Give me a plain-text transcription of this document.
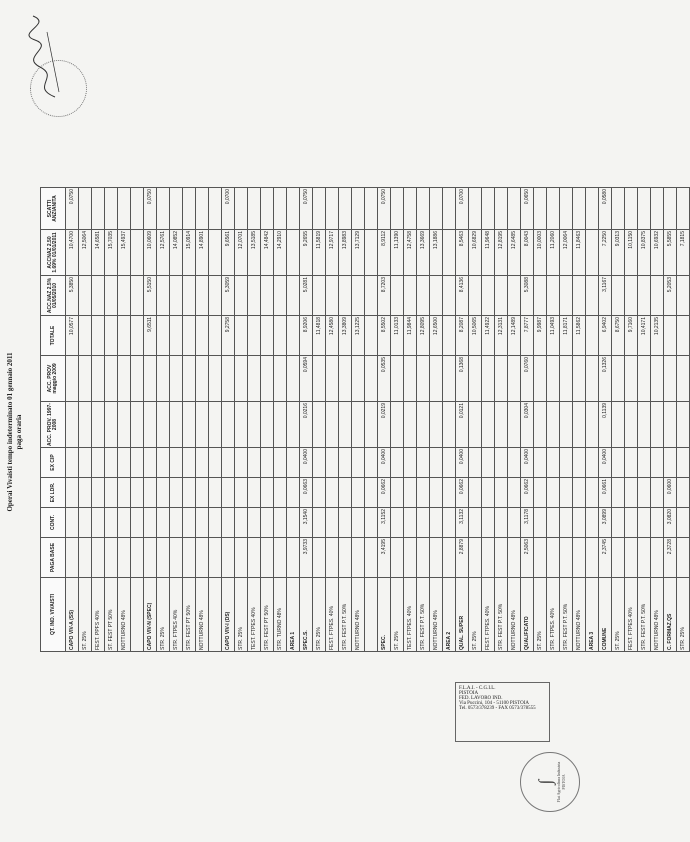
Operai Vivaisti tempo indeterminato 01 gennaio 2011 paga oraria
QT. IND. VIVAISTI	PAGA BASE	CONT.	EX LDR.	EX CIP	ACC. PROV. 1997-2008	ACC. PROV maggio 2009	TOTALE	ACC.NAZ 2.5% 01/05/2010	ACCNAZ 2.50 1.69% 01/01/2011	SCATTI ANZIANITA
CAPO VIV-A (SS)							10,0577	5,3850	10,4700	0,0750
ST. 25%									12,5064	
FEST. PPFS 40%									14,6581	
ST. FEST PT 50%									15,7035	
NOTTURNO 48%									15,4937	

CAPO VIV-N (SPEC)							9,6511	5,5150	10,0609	0,0750
STR. 25%									12,5761	
STR. FTPES 40%									14,0852	
STR. FEST PT 50%									15,0914	
NOTTURNO 48%									14,8901	

CAPO VIV-I (DS)							9,2758	5,3059	9,6561	0,0700
STR. 25%									12,0701	
TEST. FTPES 40%									13,5185	
STR. FEST PT 50%									14,4842	
STR. TURNO 48%									14,2910	
AREA 1										
SPEC.S.	3,9733	3,1540	0,0663	0,0400	0,0216	0,0594	8,9206	5,0281	9,2655	0,0750
STR. 25%							11,4818		11,5819	
FEST. FTPES. 40%							12,4580		12,9717	
STR. FEST P.T. 50%							13,3809		13,8983	
NOTTURNO 48%							13,1225		13,7129	

SPEC.	3,4195	3,1152	0,0662	0,0400	0,0219	0,0535	8,5502	8,7203	8,9112	0,0750
ST. 25%							11,0133		11,1390	
TEST. FTPES. 40%							11,9844		12,4758	
STR. FEST P.T. 50%							12,8095		13,3669	
NOTTURNO 48%							12,6500		13,1886	
AREA 2										
QUAL. SUPER	2,8879	3,1132	0,0662	0,0400	0,0121	0,1368	8,2087	8,4136	8,5463	0,0700
ST. 25%							10,5065		10,6829	
FEST. FTPES. 40%							11,4922		11,9648	
STR. FEST P.T. 50%							12,3131		12,8195	
NOTTURNO 48%							12,1489		12,6485	
QUALIFICATO	2,5063	3,1178	0,0662	0,0400	0,0304	0,0760	7,8777	5,3088	8,0043	0,0650
ST. 25%							9,9987		10,0003	
STR. FTPES. 40%							11,0493		11,2060	
STR. FEST P.T. 50%							11,8171		12,0064	
NOTTURNO 48%							11,5862		11,8463	
AREA 3										
COMUNE	2,3745	3,0899	0,0661	0,0400	0,1139	0,1326	6,9402	3,1167	7,2250	0,0580
ST. 25%							8,6750		9,0313	
FEST. FTPES 40%							9,7160		10,1150	
STR. FEST P.T. 50%							10,4171		10,8375	
NOTTURNO 48%							10,2135		10,6932	
C. FORMAZ.QS	2,3728	3,0820	0,0600					5,2053	5,5855	
STR. 25%									7,1815	
F.L.A.I. - C.G.I.L.
PISTOIA
FED. LAVORO IND.
Via Puccini, 104 - 51100 PISTOIA
Tel. 0573/378239 - FAX 0573/378555
∫ Flai Agricoltura Industria PISTOIA
